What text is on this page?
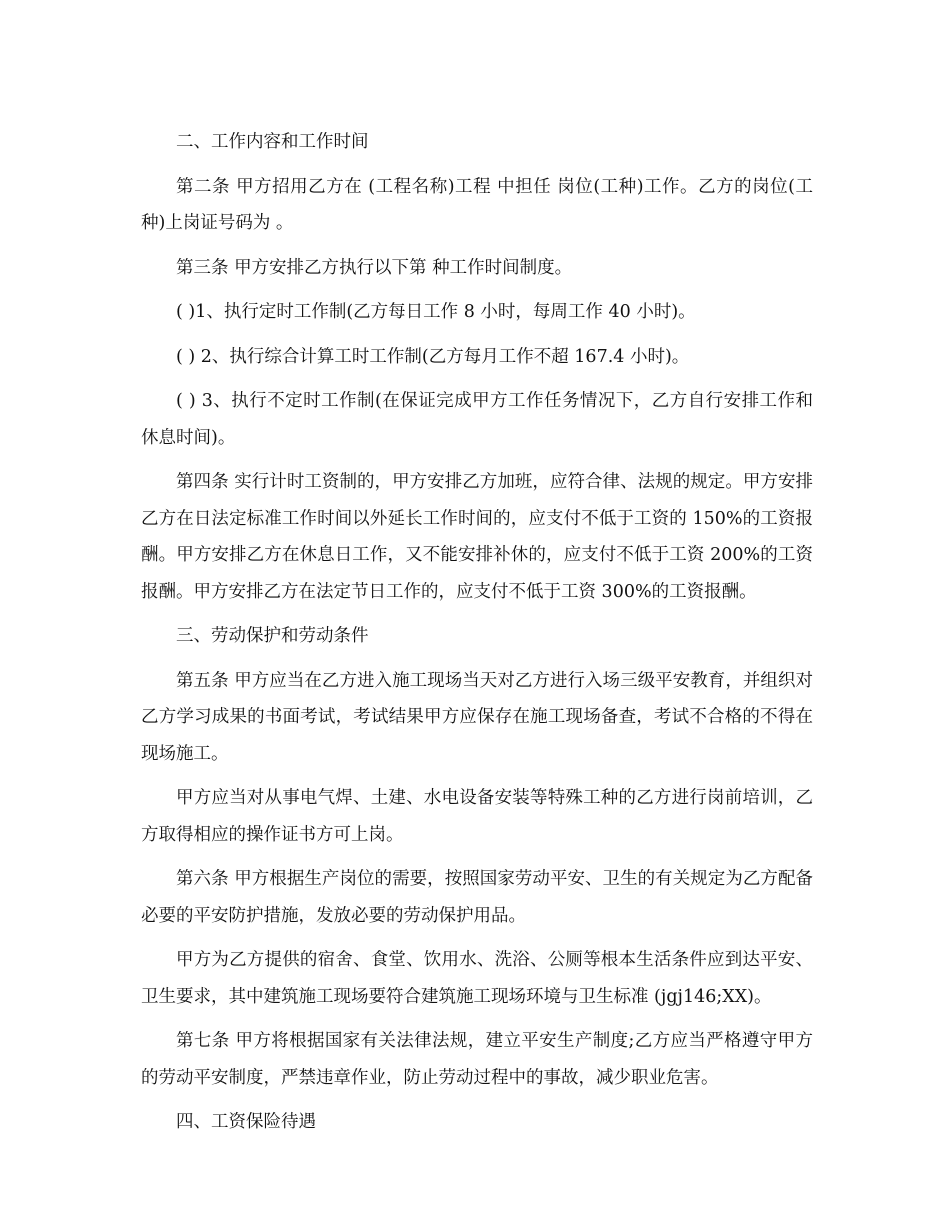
二、工作内容和工作时间

第二条 甲方招用乙方在 (工程名称)工程 中担任 岗位(工种)工作。乙方的岗位(工种)上岗证号码为 。

第三条 甲方安排乙方执行以下第 种工作时间制度。

( )1、执行定时工作制(乙方每日工作 8 小时，每周工作 40 小时)。

( ) 2、执行综合计算工时工作制(乙方每月工作不超 167.4 小时)。

( ) 3、执行不定时工作制(在保证完成甲方工作任务情况下，乙方自行安排工作和休息时间)。

第四条 实行计时工资制的，甲方安排乙方加班，应符合律、法规的规定。甲方安排乙方在日法定标准工作时间以外延长工作时间的，应支付不低于工资的 150%的工资报酬。甲方安排乙方在休息日工作，又不能安排补休的，应支付不低于工资 200%的工资报酬。甲方安排乙方在法定节日工作的，应支付不低于工资 300%的工资报酬。

三、劳动保护和劳动条件

第五条 甲方应当在乙方进入施工现场当天对乙方进行入场三级平安教育，并组织对乙方学习成果的书面考试，考试结果甲方应保存在施工现场备查，考试不合格的不得在现场施工。

甲方应当对从事电气焊、土建、水电设备安装等特殊工种的乙方进行岗前培训，乙方取得相应的操作证书方可上岗。

第六条 甲方根据生产岗位的需要，按照国家劳动平安、卫生的有关规定为乙方配备必要的平安防护措施，发放必要的劳动保护用品。

甲方为乙方提供的宿舍、食堂、饮用水、洗浴、公厕等根本生活条件应到达平安、卫生要求，其中建筑施工现场要符合建筑施工现场环境与卫生标准 (jgj146;XX)。

第七条 甲方将根据国家有关法律法规，建立平安生产制度;乙方应当严格遵守甲方的劳动平安制度，严禁违章作业，防止劳动过程中的事故，减少职业危害。

四、工资保险待遇
